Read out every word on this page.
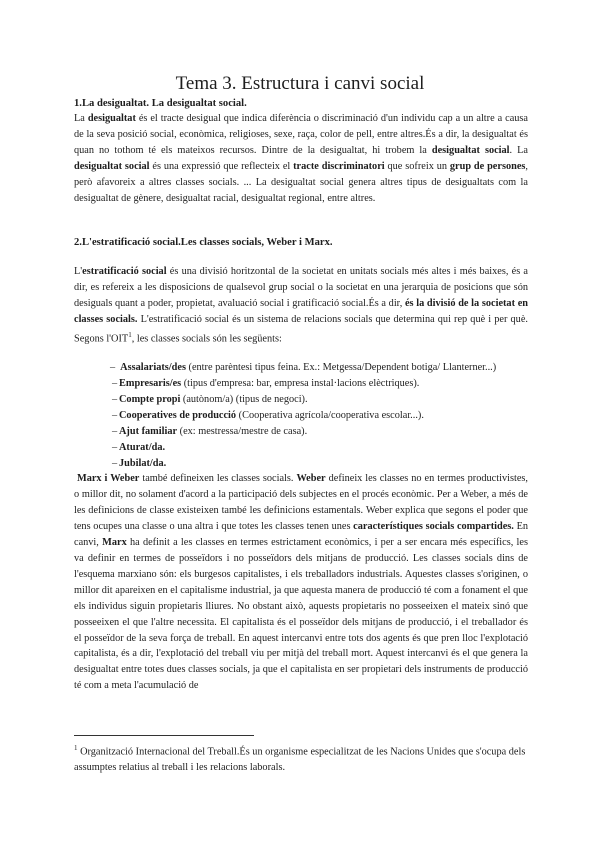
Tema 3. Estructura i canvi social
1.La desigualtat. La desigualtat social.
La desigualtat és el tracte desigual que indica diferència o discriminació d'un individu cap a un altre a causa de la seva posició social, econòmica, religioses, sexe, raça, color de pell, entre altres.És a dir, la desigualtat és quan no tothom té els mateixos recursos. Dintre de la desigualtat, hi trobem la desigualtat social. La desigualtat social és una expressió que reflecteix el tracte discriminatori que sofreix un grup de persones, però afavoreix a altres classes socials. ... La desigualtat social genera altres tipus de desigualtats com la desigualtat de gènere, desigualtat racial, desigualtat regional, entre altres.
2.L'estratificació social.Les classes socials, Weber i Marx.
L'estratificació social és una divisió horitzontal de la societat en unitats socials més altes i més baixes, és a dir, es refereix a les disposicions de qualsevol grup social o la societat en una jerarquia de posicions que són desiguals quant a poder, propietat, avaluació social i gratificació social.És a dir, és la divisió de la societat en classes socials. L'estratificació social és un sistema de relacions socials que determina qui rep què i per què. Segons l'OIT$^1$, les classes socials són les següents:
– Assalariats/des (entre parèntesi tipus feina. Ex.: Metgessa/Dependent botiga/ Llanterner...)
– Empresaris/es (tipus d'empresa: bar, empresa instal·lacions elèctriques).
– Compte propi (autònom/a) (tipus de negoci).
– Cooperatives de producció (Cooperativa agrícola/cooperativa escolar...).
– Ajut familiar (ex: mestressa/mestre de casa).
– Aturat/da.
– Jubilat/da.
Marx i Weber també defineixen les classes socials. Weber defineix les classes no en termes productivistes, o millor dit, no solament d'acord a la participació dels subjectes en el procés econòmic. Per a Weber, a més de les definicions de classe existeixen també les definicions estamentals. Weber explica que segons el poder que tens ocupes una classe o una altra i que totes les classes tenen unes característiques socials compartides. En canvi, Marx ha definit a les classes en termes estrictament econòmics, i per a ser encara més específics, les va definir en termes de posseïdors i no posseïdors dels mitjans de producció. Les classes socials dins de l'esquema marxiano són: els burgesos capitalistes, i els treballadors industrials. Aquestes classes s'originen, o millor dit apareixen en el capitalisme industrial, ja que aquesta manera de producció té com a fonament el que els individus siguin propietaris lliures. No obstant això, aquests propietaris no posseeixen el mateix sinó que posseeixen el que l'altre necessita. El capitalista és el posseïdor dels mitjans de producció, i el treballador és el posseïdor de la seva força de treball. En aquest intercanvi entre tots dos agents és que pren lloc l'explotació capitalista, és a dir, l'explotació del treball viu per mitjà del treball mort. Aquest intercanvi és el que genera la desigualtat entre totes dues classes socials, ja que el capitalista en ser propietari dels instruments de producció té com a meta l'acumulació de
$^1$ Organització Internacional del Treball.És un organisme especialitzat de les Nacions Unides que s'ocupa dels assumptes relatius al treball i les relacions laborals.
